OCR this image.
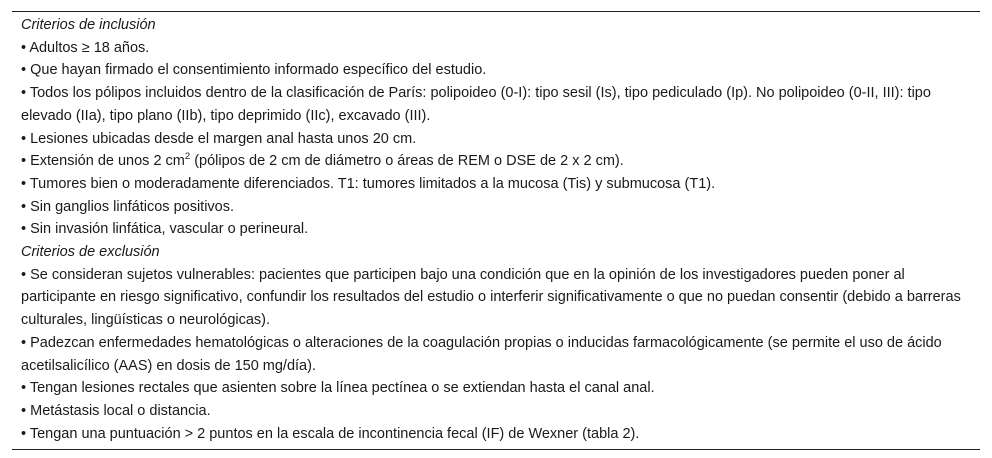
Criterios de inclusión
• Adultos ≥ 18 años.
• Que hayan firmado el consentimiento informado específico del estudio.
• Todos los pólipos incluidos dentro de la clasificación de París: polipoideo (0-I): tipo sesil (Is), tipo pediculado (Ip). No polipoideo (0-II, III): tipo elevado (IIa), tipo plano (IIb), tipo deprimido (IIc), excavado (III).
• Lesiones ubicadas desde el margen anal hasta unos 20 cm.
• Extensión de unos 2 $cm^2$ (pólipos de 2 cm de diámetro o áreas de REM o DSE de 2 x 2 cm).
• Tumores bien o moderadamente diferenciados. T1: tumores limitados a la mucosa (Tis) y submucosa (T1).
• Sin ganglios linfáticos positivos.
• Sin invasión linfática, vascular o perineural.
Criterios de exclusión
• Se consideran sujetos vulnerables: pacientes que participen bajo una condición que en la opinión de los investigadores pueden poner al participante en riesgo significativo, confundir los resultados del estudio o interferir significativamente o que no puedan consentir (debido a barreras culturales, lingüísticas o neurológicas).
• Padezcan enfermedades hematológicas o alteraciones de la coagulación propias o inducidas farmacológicamente (se permite el uso de ácido acetilsalicílico (AAS) en dosis de 150 mg/día).
• Tengan lesiones rectales que asienten sobre la línea pectínea o se extiendan hasta el canal anal.
• Metástasis local o distancia.
• Tengan una puntuación > 2 puntos en la escala de incontinencia fecal (IF) de Wexner (tabla 2).
